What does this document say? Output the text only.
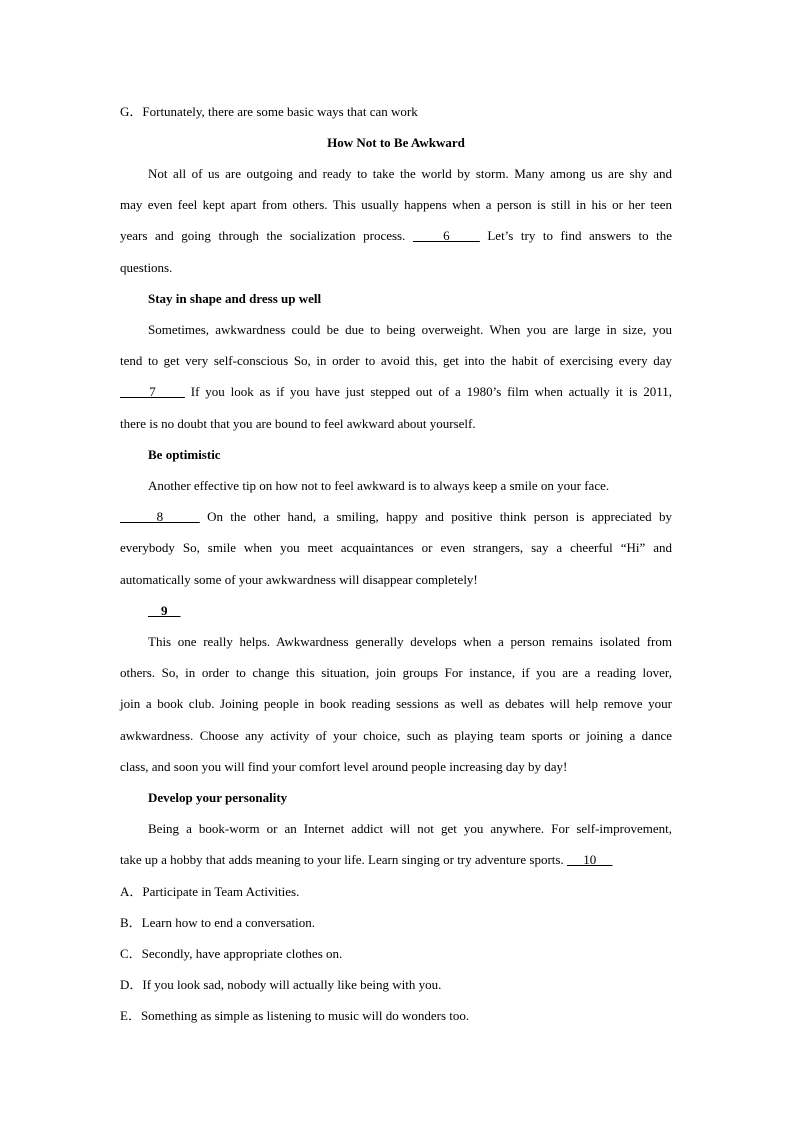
G．Fortunately, there are some basic ways that can work
How Not to Be Awkward
Not all of us are outgoing and ready to take the world by storm. Many among us are shy and
may even feel kept apart from others. This usually happens when a person is still in his or her teen
years and going through the socialization process.     6     Let’s try to find answers to the
questions.
Stay in shape and dress up well
Sometimes, awkwardness could be due to being overweight. When you are large in size, you
tend to get very self-conscious So, in order to avoid this, get into the habit of exercising every day
7      If you look as if you have just stepped out of a 1980’s film when actually it is 2011,
there is no doubt that you are bound to feel awkward about yourself.
Be optimistic
Another effective tip on how not to feel awkward is to always keep a smile on your face.
8      On the other hand, a smiling, happy and positive think person is appreciated by
everybody So, smile when you meet acquaintances or even strangers, say a cheerful “Hi” and
automatically some of your awkwardness will disappear completely!
9
This one really helps. Awkwardness generally develops when a person remains isolated from
others. So, in order to change this situation, join groups For instance, if you are a reading lover,
join a book club. Joining people in book reading sessions as well as debates will help remove your
awkwardness. Choose any activity of your choice, such as playing team sports or joining a dance
class, and soon you will find your comfort level around people increasing day by day!
Develop your personality
Being a book-worm or an Internet addict will not get you anywhere. For self-improvement,
take up a hobby that adds meaning to your life. Learn singing or try adventure sports.      10
A．Participate in Team Activities.
B．Learn how to end a conversation.
C．Secondly, have appropriate clothes on.
D．If you look sad, nobody will actually like being with you.
E．Something as simple as listening to music will do wonders too.
